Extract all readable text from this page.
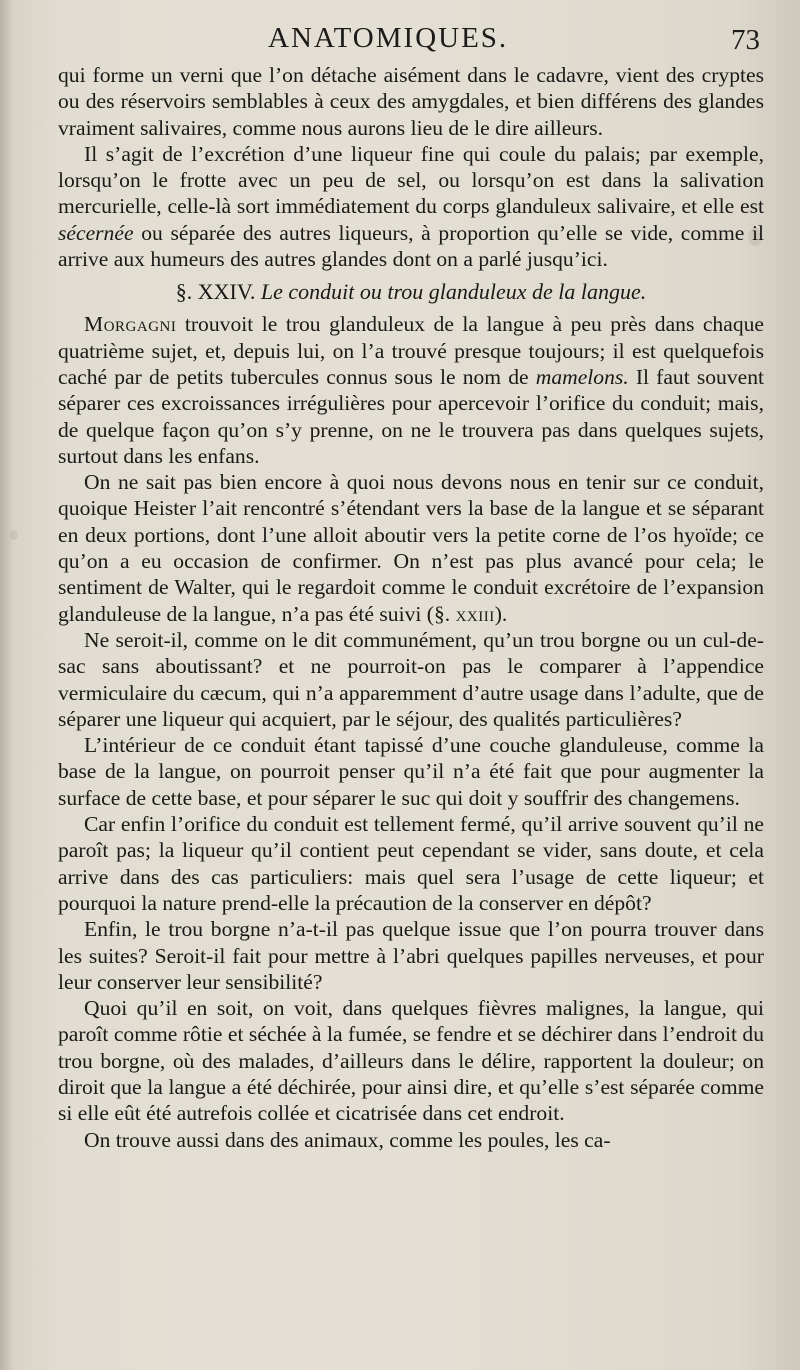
ANATOMIQUES.	73

qui forme un verni que l’on détache aisément dans le cadavre, vient des cryptes ou des réservoirs semblables à ceux des amygdales, et bien différens des glandes vraiment salivaires, comme nous aurons lieu de le dire ailleurs.

Il s’agit de l’excrétion d’une liqueur fine qui coule du palais; par exemple, lorsqu’on le frotte avec un peu de sel, ou lorsqu’on est dans la salivation mercurielle, celle-là sort immédiatement du corps glanduleux salivaire, et elle est sécernée ou séparée des autres liqueurs, à proportion qu’elle se vide, comme il arrive aux humeurs des autres glandes dont on a parlé jusqu’ici.

§. XXIV. Le conduit ou trou glanduleux de la langue.

Morgagni trouvoit le trou glanduleux de la langue à peu près dans chaque quatrième sujet, et, depuis lui, on l’a trouvé presque toujours; il est quelquefois caché par de petits tubercules connus sous le nom de mamelons. Il faut souvent séparer ces excroissances irrégulières pour apercevoir l’orifice du conduit; mais, de quelque façon qu’on s’y prenne, on ne le trouvera pas dans quelques sujets, surtout dans les enfans.

On ne sait pas bien encore à quoi nous devons nous en tenir sur ce conduit, quoique Heister l’ait rencontré s’étendant vers la base de la langue et se séparant en deux portions, dont l’une alloit aboutir vers la petite corne de l’os hyoïde; ce qu’on a eu occasion de confirmer. On n’est pas plus avancé pour cela; le sentiment de Walter, qui le regardoit comme le conduit excrétoire de l’expansion glanduleuse de la langue, n’a pas été suivi (§. xxiii).

Ne seroit-il, comme on le dit communément, qu’un trou borgne ou un cul-de-sac sans aboutissant? et ne pourroit-on pas le comparer à l’appendice vermiculaire du cæcum, qui n’a apparemment d’autre usage dans l’adulte, que de séparer une liqueur qui acquiert, par le séjour, des qualités particulières?

L’intérieur de ce conduit étant tapissé d’une couche glanduleuse, comme la base de la langue, on pourroit penser qu’il n’a été fait que pour augmenter la surface de cette base, et pour séparer le suc qui doit y souffrir des changemens.

Car enfin l’orifice du conduit est tellement fermé, qu’il arrive souvent qu’il ne paroît pas; la liqueur qu’il contient peut cependant se vider, sans doute, et cela arrive dans des cas particuliers: mais quel sera l’usage de cette liqueur; et pourquoi la nature prend-elle la précaution de la conserver en dépôt?

Enfin, le trou borgne n’a-t-il pas quelque issue que l’on pourra trouver dans les suites? Seroit-il fait pour mettre à l’abri quelques papilles nerveuses, et pour leur conserver leur sensibilité?

Quoi qu’il en soit, on voit, dans quelques fièvres malignes, la langue, qui paroît comme rôtie et séchée à la fumée, se fendre et se déchirer dans l’endroit du trou borgne, où des malades, d’ailleurs dans le délire, rapportent la douleur; on diroit que la langue a été déchirée, pour ainsi dire, et qu’elle s’est séparée comme si elle eût été autrefois collée et cicatrisée dans cet endroit.

On trouve aussi dans des animaux, comme les poules, les ca-
